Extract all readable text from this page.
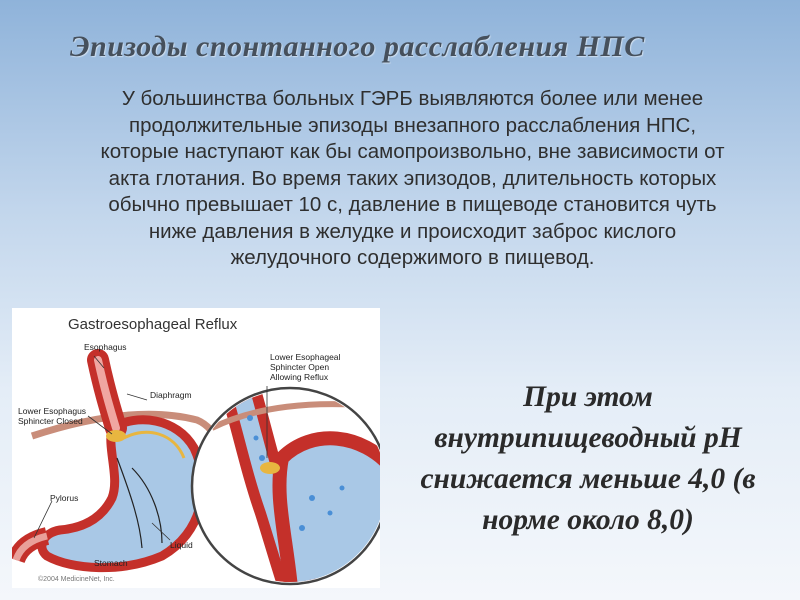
Эпизоды спонтанного расслабления НПС
У большинства больных ГЭРБ выявляются более или менее
продолжительные эпизоды внезапного расслабления НПС,
которые наступают как бы самопроизвольно, вне зависимости от
акта глотания. Во время таких эпизодов, длительность которых
обычно превышает 10 с, давление в пищеводе становится чуть
ниже давления в желудке и происходит заброс кислого
желудочного содержимого в пищевод.
Gastroesophageal Reflux
Esophagus
Diaphragm
Lower Esophagus
Sphincter Closed
Pylorus
Liquid
Stomach
Lower Esophageal
Sphincter Open
Allowing Reflux
©2004 MedicineNet, Inc.
При этом
внутрипищеводный рН
снижается меньше 4,0 (в
норме около 8,0)
